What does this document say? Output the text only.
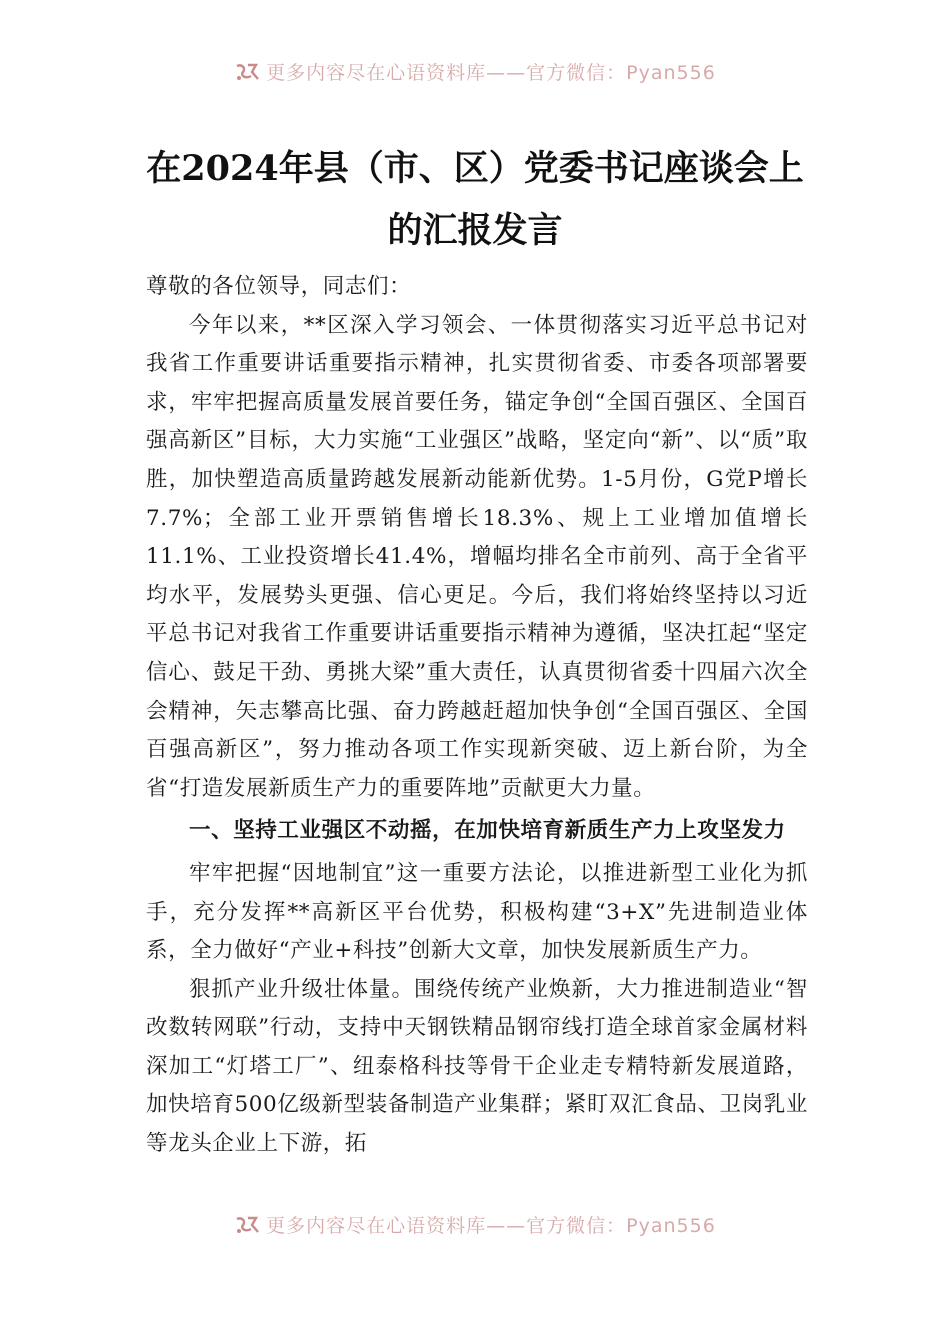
更多内容尽在心语资料库——官方微信：Pyan556
在2024年县（市、区）党委书记座谈会上
的汇报发言

尊敬的各位领导，同志们：

今年以来，**区深入学习领会、一体贯彻落实习近平总书记对我省工作重要讲话重要指示精神，扎实贯彻省委、市委各项部署要求，牢牢把握高质量发展首要任务，锚定争创“全国百强区、全国百强高新区”目标，大力实施“工业强区”战略，坚定向“新”、以“质”取胜，加快塑造高质量跨越发展新动能新优势。1-5月份，G党P增长7.7%；全部工业开票销售增长18.3%、规上工业增加值增长11.1%、工业投资增长41.4%，增幅均排名全市前列、高于全省平均水平，发展势头更强、信心更足。今后，我们将始终坚持以习近平总书记对我省工作重要讲话重要指示精神为遵循，坚决扛起“坚定信心、鼓足干劲、勇挑大梁”重大责任，认真贯彻省委十四届六次全会精神，矢志攀高比强、奋力跨越赶超加快争创“全国百强区、全国百强高新区”，努力推动各项工作实现新突破、迈上新台阶，为全省“打造发展新质生产力的重要阵地”贡献更大力量。

一、坚持工业强区不动摇，在加快培育新质生产力上攻坚发力

牢牢把握“因地制宜”这一重要方法论，以推进新型工业化为抓手，充分发挥**高新区平台优势，积极构建“3+X”先进制造业体系，全力做好“产业+科技”创新大文章，加快发展新质生产力。

狠抓产业升级壮体量。围绕传统产业焕新，大力推进制造业“智改数转网联”行动，支持中天钢铁精品钢帘线打造全球首家金属材料深加工“灯塔工厂”、纽泰格科技等骨干企业走专精特新发展道路，加快培育500亿级新型装备制造产业集群；紧盯双汇食品、卫岗乳业等龙头企业上下游，拓

更多内容尽在心语资料库——官方微信：Pyan556
